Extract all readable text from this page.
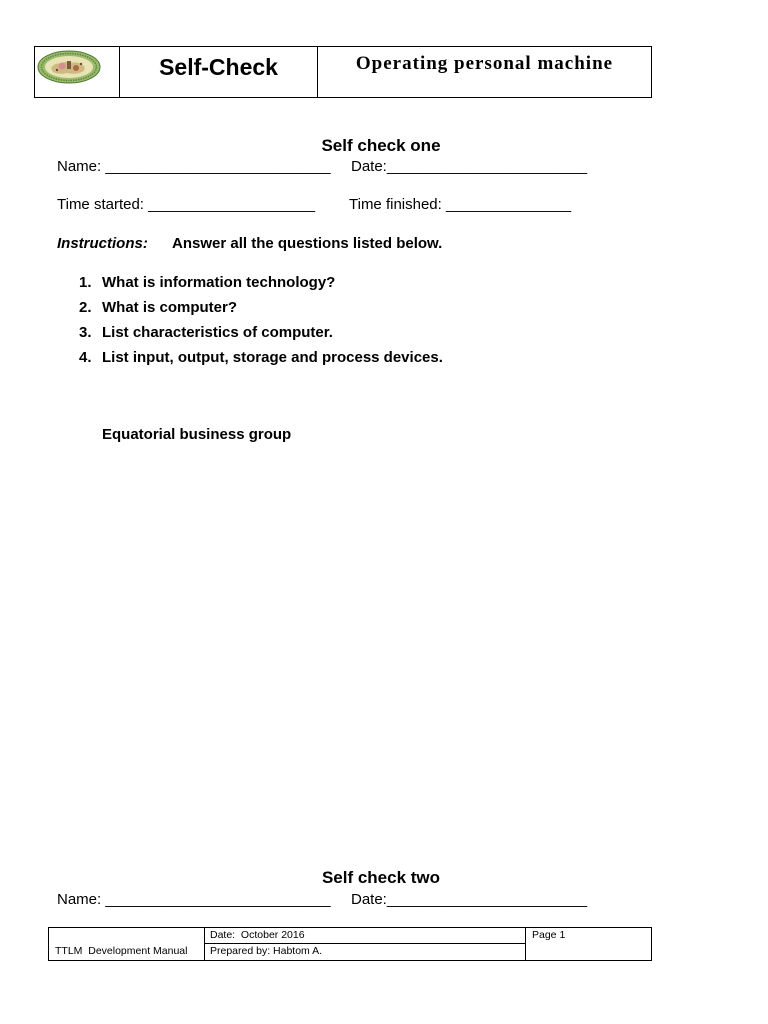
Self-Check	Operating personal machine
Self check one
Name: ___________________________ Date:________________________
Time started: ____________________ Time finished: _______________
Instructions: Answer all the questions listed below.
1. What is information technology?
2. What is computer?
3. List characteristics of computer.
4. List input, output, storage and process devices.
Equatorial business group
Self check two
Name: ___________________________ Date:________________________
TTLM  Development Manual
Date:  October 2016
Prepared by: Habtom A.
Page 1
